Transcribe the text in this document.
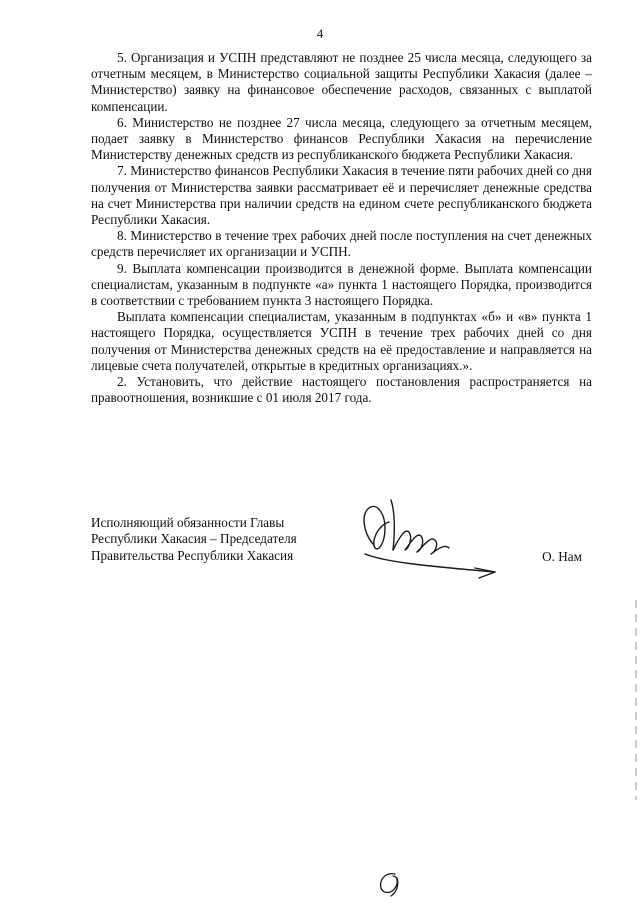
4

5. Организация и УСПН представляют не позднее 25 числа месяца, следующего за отчетным месяцем, в Министерство социальной защиты Республики Хакасия (далее – Министерство) заявку на финансовое обеспечение расходов, связанных с выплатой компенсации.

6. Министерство не позднее 27 числа месяца, следующего за отчетным месяцем, подает заявку в Министерство финансов Республики Хакасия на перечисление Министерству денежных средств из республиканского бюджета Республики Хакасия.

7. Министерство финансов Республики Хакасия в течение пяти рабочих дней со дня получения от Министерства заявки рассматривает её и перечисляет денежные средства на счет Министерства при наличии средств на едином счете республиканского бюджета Республики Хакасия.

8. Министерство в течение трех рабочих дней после поступления на счет денежных средств перечисляет их организации и УСПН.

9. Выплата компенсации производится в денежной форме. Выплата компенсации специалистам, указанным в подпункте «а» пункта 1 настоящего Порядка, производится в соответствии с требованием пункта 3 настоящего Порядка.

Выплата компенсации специалистам, указанным в подпунктах «б» и «в» пункта 1 настоящего Порядка, осуществляется УСПН в течение трех рабочих дней со дня получения от Министерства денежных средств на её предоставление и направляется на лицевые счета получателей, открытые в кредитных организациях.».

2. Установить, что действие настоящего постановления распространяется на правоотношения, возникшие с 01 июля 2017 года.

Исполняющий обязанности Главы
Республики Хакасия – Председателя
Правительства Республики Хакасия	О. Нам
